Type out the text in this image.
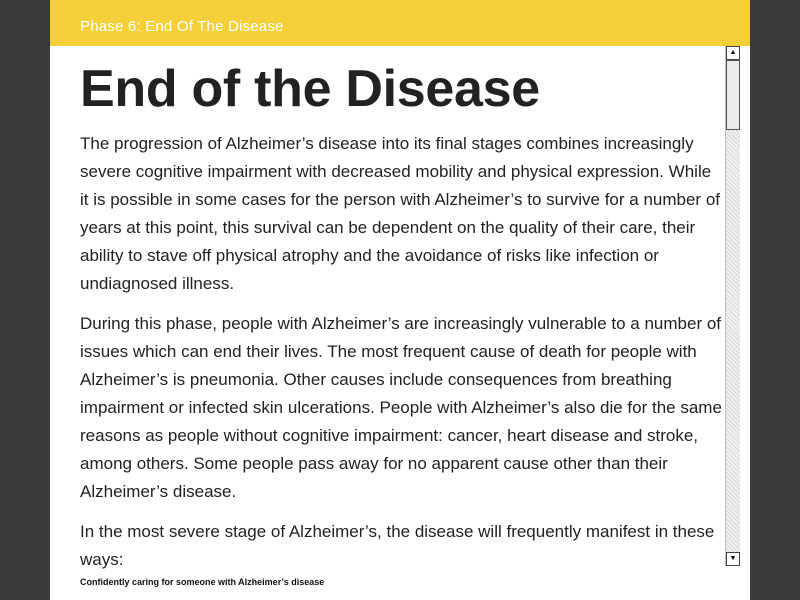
Phase 6: End Of The Disease
End of the Disease

The progression of Alzheimer’s disease into its final stages combines increasingly severe cognitive impairment with decreased mobility and physical expression. While it is possible in some cases for the person with Alzheimer’s to survive for a number of years at this point, this survival can be dependent on the quality of their care, their ability to stave off physical atrophy and the avoidance of risks like infection or undiagnosed illness.

During this phase, people with Alzheimer’s are increasingly vulnerable to a number of issues which can end their lives. The most frequent cause of death for people with Alzheimer’s is pneumonia. Other causes include consequences from breathing impairment or infected skin ulcerations. People with Alzheimer’s also die for the same reasons as people without cognitive impairment: cancer, heart disease and stroke, among others. Some people pass away for no apparent cause other than their Alzheimer’s disease.

In the most severe stage of Alzheimer’s, the disease will frequently manifest in these ways:

▲
▼
Confidently caring for someone with Alzheimer’s disease
